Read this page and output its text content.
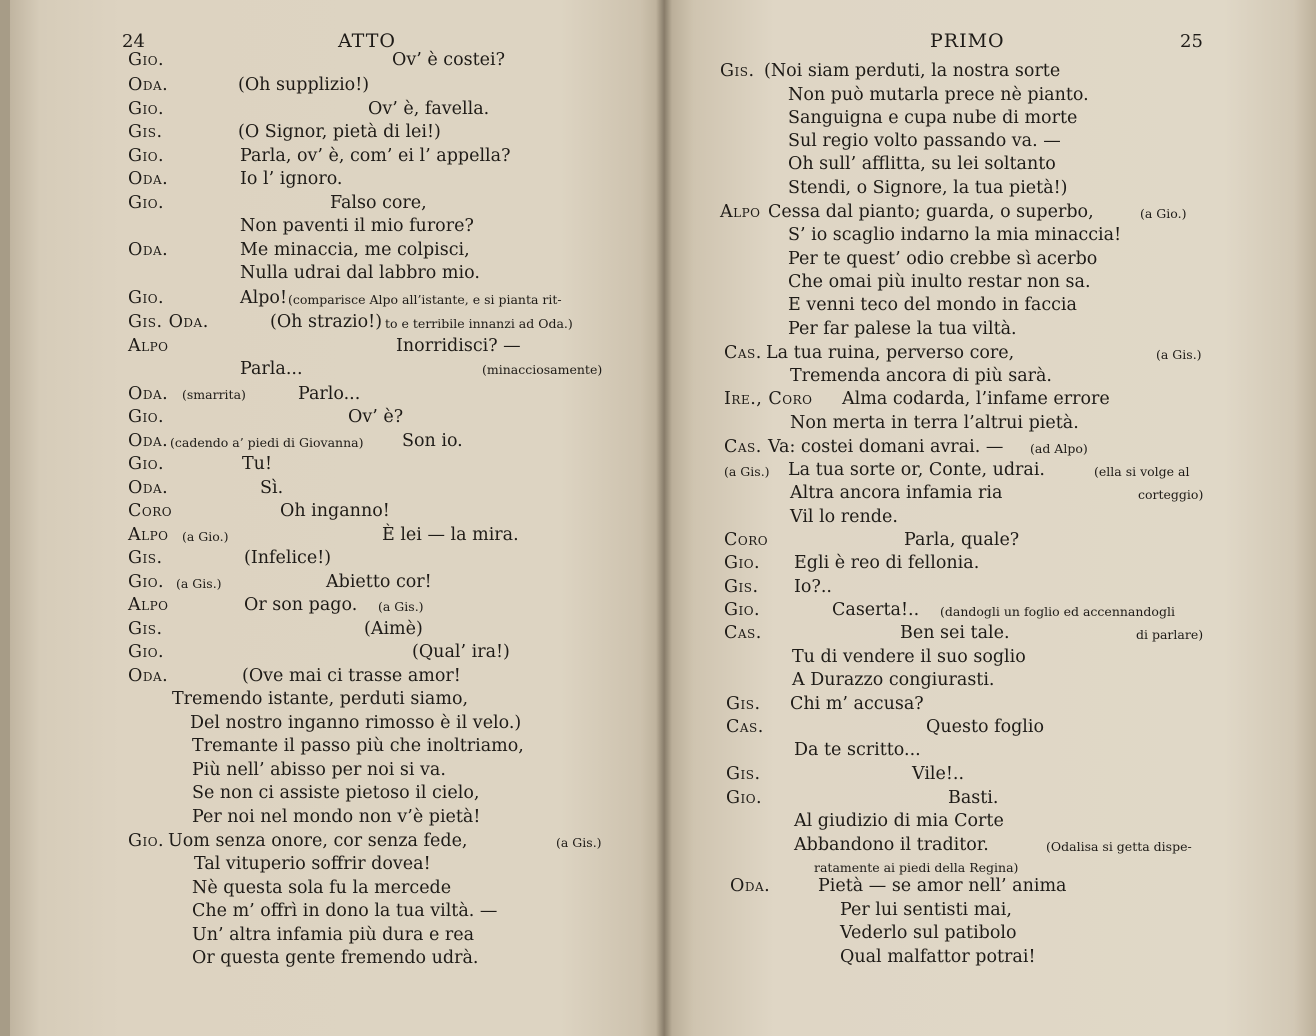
24	ATTO
Gio.	Ov’ è costei?
Oda.	(Oh supplizio!)
Gio.	Ov’ è, favella.
Gis.	(O Signor, pietà di lei!)
Gio.	Parla, ov’ è, com’ ei l’ appella?
Oda.	Io l’ ignoro.
Gio.	Falso core,
Non paventi il mio furore?
Oda.	Me minaccia, me colpisci,
Nulla udrai dal labbro mio.
Gio.	Alpo! (comparisce Alpo all’istante, e si pianta rit-
Gis. Oda.	(Oh strazio!) to e terribile innanzi ad Oda.)
Alpo	Inorridisci? —
Parla...	(minacciosamente)
Oda. (smarrita)	Parlo...
Gio.	Ov’ è?
Oda. (cadendo a’ piedi di Giovanna) Son io.
Gio.	Tu!
Oda.	Sì.
Coro	Oh inganno!
Alpo (a Gio.)	È lei — la mira.
Gis.	(Infelice!)
Gio. (a Gis.)	Abietto cor!
Alpo	Or son pago. (a Gis.)
Gis.	(Aimè)
Gio.	(Qual’ ira!)
Oda.	(Ove mai ci trasse amor!
Tremendo istante, perduti siamo,
Del nostro inganno rimosso è il velo.)
Tremante il passo più che inoltriamo,
Più nell’ abisso per noi si va.
Se non ci assiste pietoso il cielo,
Per noi nel mondo non v’è pietà!
Gio. Uom senza onore, cor senza fede,	(a Gis.)
Tal vituperio soffrir dovea!
Nè questa sola fu la mercede
Che m’ offrì in dono la tua viltà. —
Un’ altra infamia più dura e rea
Or questa gente fremendo udrà.
PRIMO	25
Gis. (Noi siam perduti, la nostra sorte
Non può mutarla prece nè pianto.
Sanguigna e cupa nube di morte
Sul regio volto passando va. —
Oh sull’ afflitta, su lei soltanto
Stendi, o Signore, la tua pietà!)
Alpo Cessa dal pianto; guarda, o superbo,	(a Gio.)
S’ io scaglio indarno la mia minaccia!
Per te quest’ odio crebbe sì acerbo
Che omai più inulto restar non sa.
E venni teco del mondo in faccia
Per far palese la tua viltà.
Cas. La tua ruina, perverso core,	(a Gis.)
Tremenda ancora di più sarà.
Ire., Coro Alma codarda, l’infame errore
Non merta in terra l’altrui pietà.
Cas. Va: costei domani avrai. — (ad Alpo)
(a Gis.) La tua sorte or, Conte, udrai.	(ella si volge al
Altra ancora infamia ria	corteggio)
Vil lo rende.
Coro	Parla, quale?
Gio. Egli è reo di fellonia.
Gis. Io?..
Gio.	Caserta!.. (dandogli un foglio ed accennandogli
Cas.	Ben sei tale.	di parlare)
Tu di vendere il suo soglio
A Durazzo congiurasti.
Gis. Chi m’ accusa?
Cas.	Questo foglio
Da te scritto...
Gis.	Vile!..
Gio.	Basti.
Al giudizio di mia Corte
Abbandono il traditor.	(Odalisa si getta dispe-
ratamente ai piedi della Regina)
Oda.	Pietà — se amor nell’ anima
Per lui sentisti mai,
Vederlo sul patibolo
Qual malfattor potrai!
